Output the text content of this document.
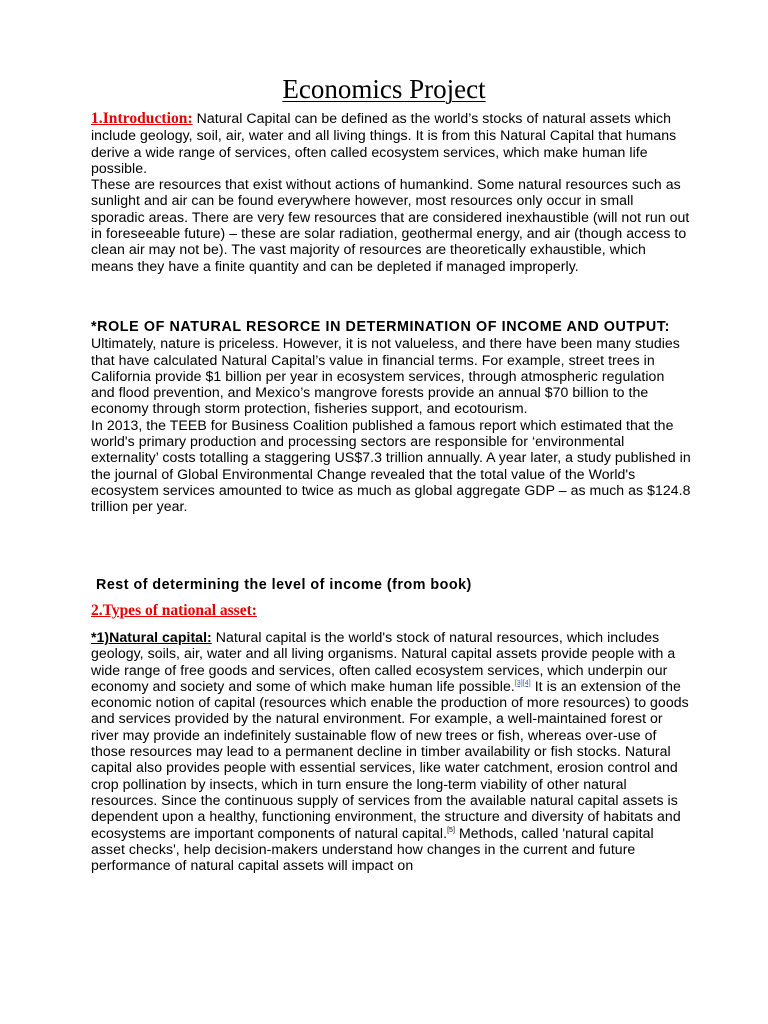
Economics Project
1.Introduction: Natural Capital can be defined as the world’s stocks of natural assets which include geology, soil, air, water and all living things. It is from this Natural Capital that humans derive a wide range of services, often called ecosystem services, which make human life possible.
These are resources that exist without actions of humankind. Some natural resources such as sunlight and air can be found everywhere however, most resources only occur in small sporadic areas. There are very few resources that are considered inexhaustible (will not run out in foreseeable future) – these are solar radiation, geothermal energy, and air (though access to clean air may not be). The vast majority of resources are theoretically exhaustible, which means they have a finite quantity and can be depleted if managed improperly.
*ROLE OF NATURAL RESORCE IN DETERMINATION OF INCOME AND OUTPUT: Ultimately, nature is priceless. However, it is not valueless, and there have been many studies that have calculated Natural Capital’s value in financial terms. For example, street trees in California provide $1 billion per year in ecosystem services, through atmospheric regulation and flood prevention, and Mexico’s mangrove forests provide an annual $70 billion to the economy through storm protection, fisheries support, and ecotourism.
In 2013, the TEEB for Business Coalition published a famous report which estimated that the world's primary production and processing sectors are responsible for ‘environmental externality’ costs totalling a staggering US$7.3 trillion annually. A year later, a study published in the journal of Global Environmental Change revealed that the total value of the World's ecosystem services amounted to twice as much as global aggregate GDP – as much as $124.8 trillion per year.
Rest of determining the level of income (from book)
2.Types of national asset:
*1)Natural capital: Natural capital is the world's stock of natural resources, which includes geology, soils, air, water and all living organisms. Natural capital assets provide people with a wide range of free goods and services, often called ecosystem services, which underpin our economy and society and some of which make human life possible.[3][4] It is an extension of the economic notion of capital (resources which enable the production of more resources) to goods and services provided by the natural environment. For example, a well-maintained forest or river may provide an indefinitely sustainable flow of new trees or fish, whereas over-use of those resources may lead to a permanent decline in timber availability or fish stocks. Natural capital also provides people with essential services, like water catchment, erosion control and crop pollination by insects, which in turn ensure the long-term viability of other natural resources. Since the continuous supply of services from the available natural capital assets is dependent upon a healthy, functioning environment, the structure and diversity of habitats and ecosystems are important components of natural capital.[5] Methods, called 'natural capital asset checks', help decision-makers understand how changes in the current and future performance of natural capital assets will impact on
